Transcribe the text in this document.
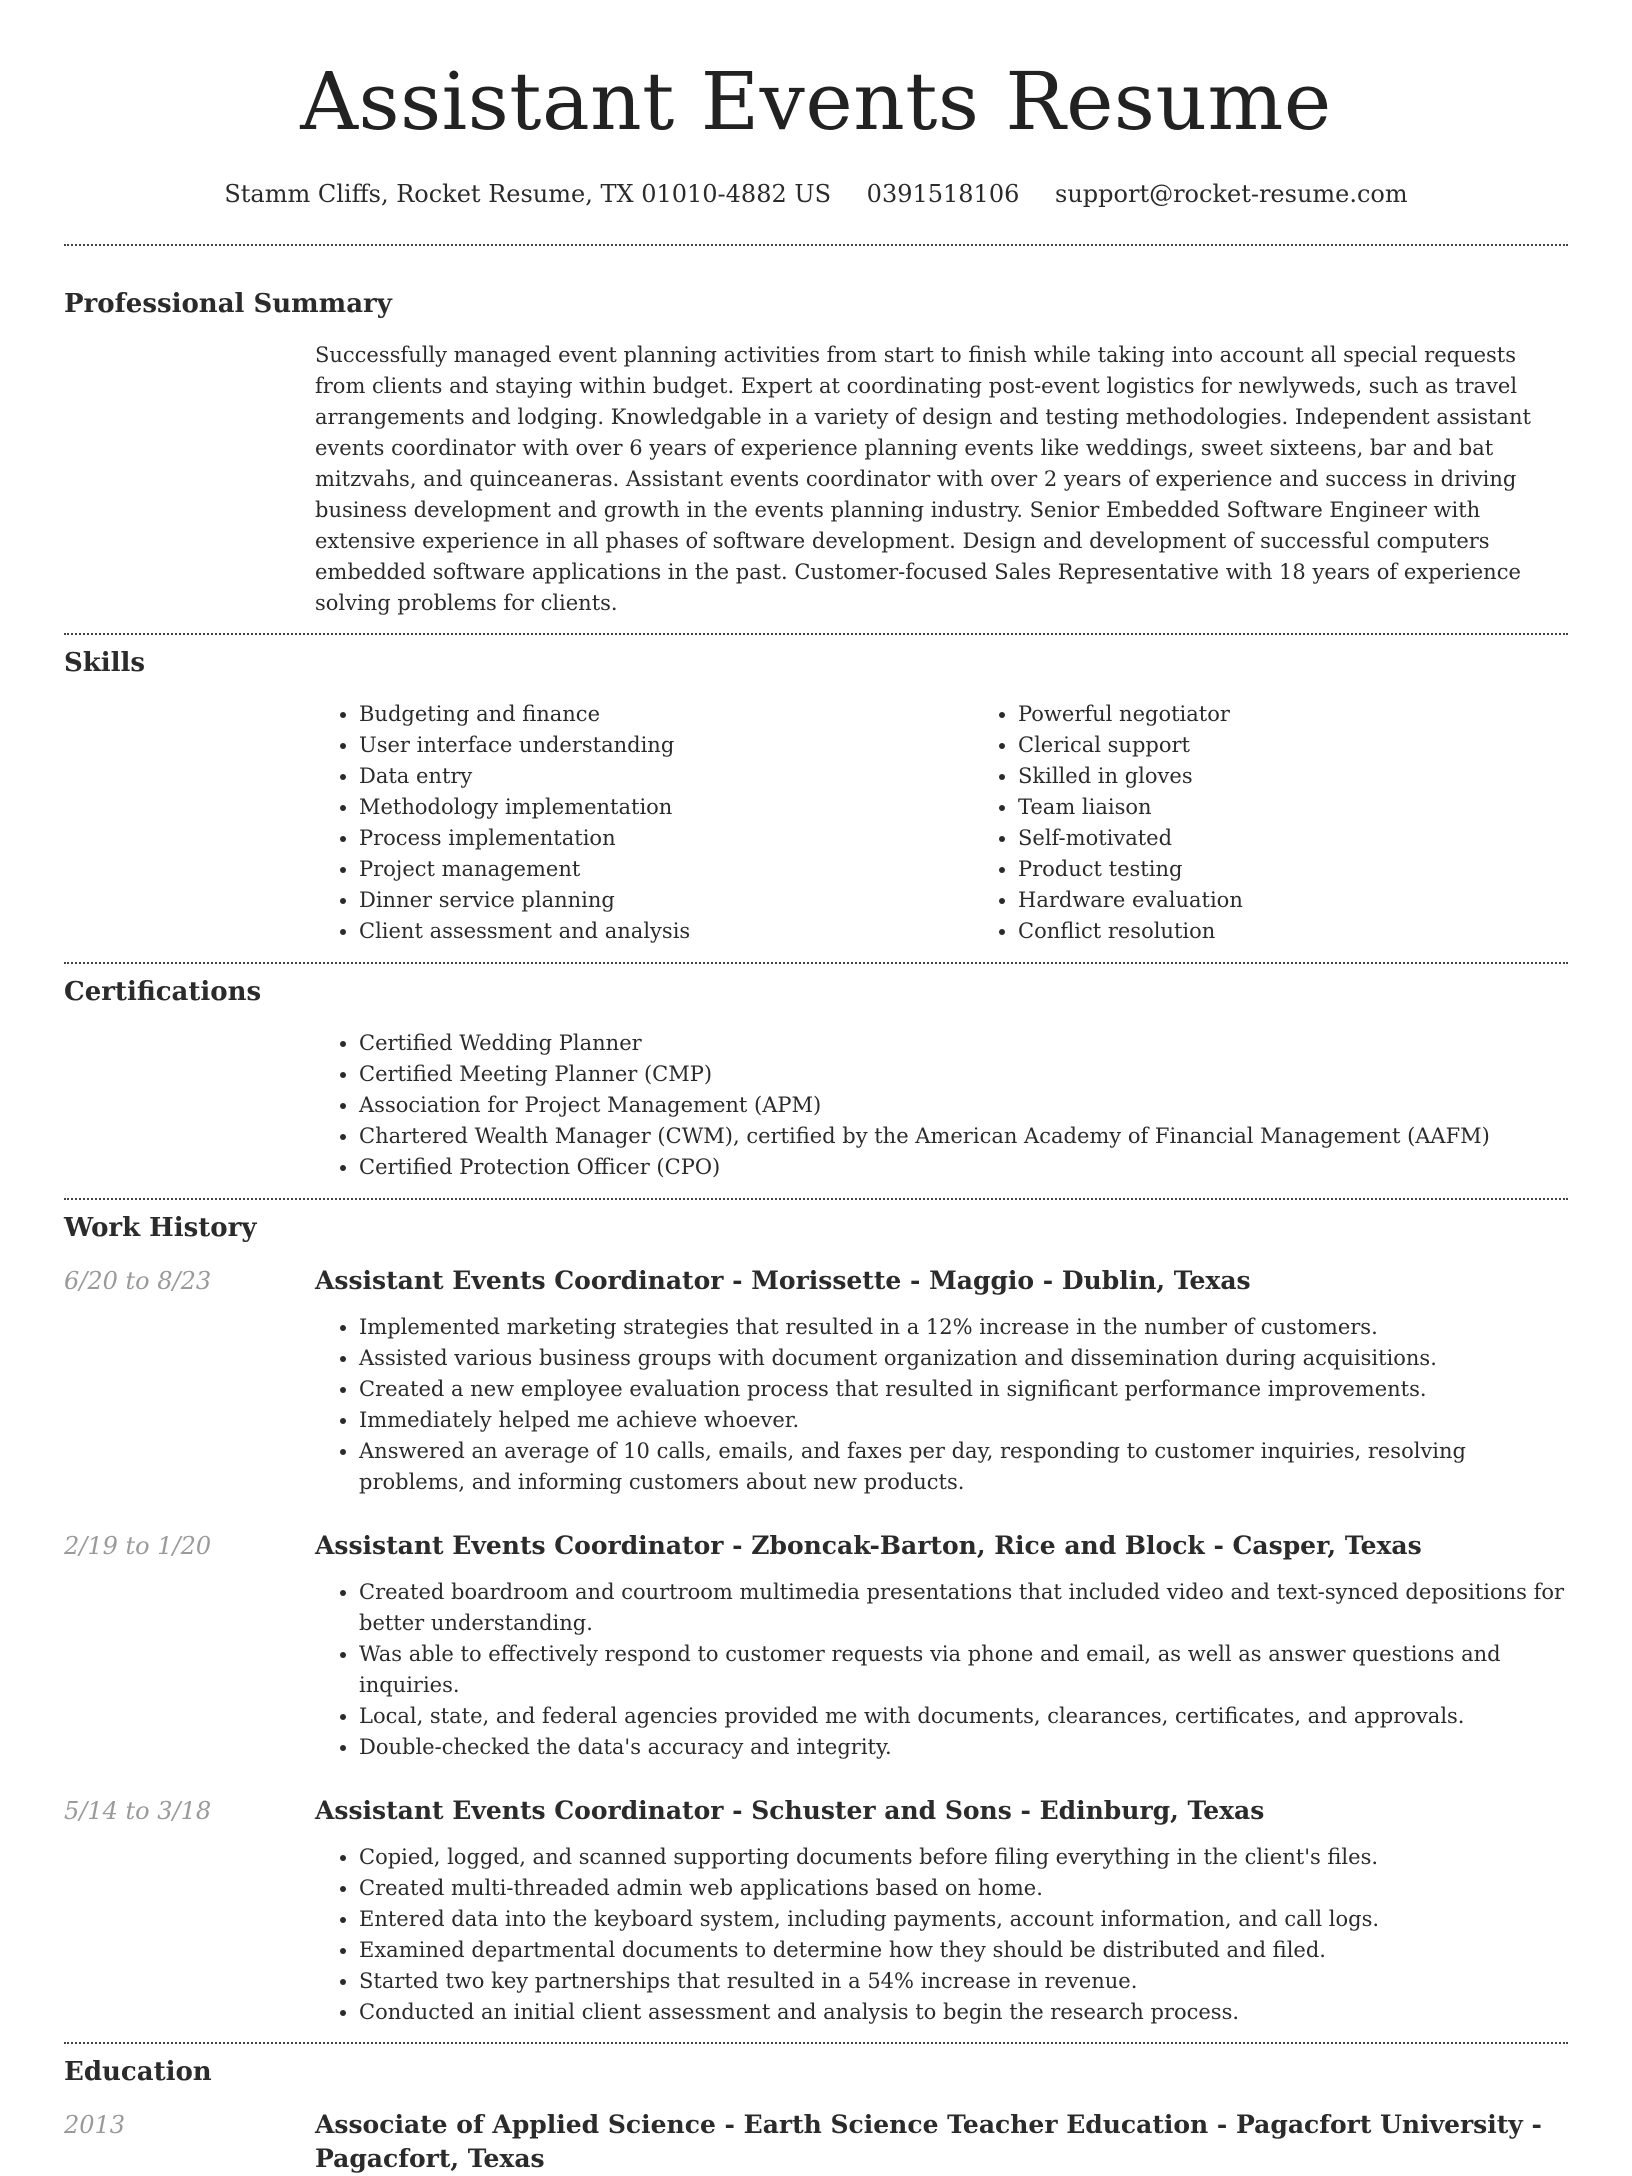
Assistant Events Resume
Stamm Cliffs, Rocket Resume, TX 01010-4882 US 0391518106 support@rocket-resume.com
Professional Summary

Successfully managed event planning activities from start to finish while taking into account all special requests from clients and staying within budget. Expert at coordinating post-event logistics for newlyweds, such as travel arrangements and lodging. Knowledgable in a variety of design and testing methodologies. Independent assistant events coordinator with over 6 years of experience planning events like weddings, sweet sixteens, bar and bat mitzvahs, and quinceaneras. Assistant events coordinator with over 2 years of experience and success in driving business development and growth in the events planning industry. Senior Embedded Software Engineer with extensive experience in all phases of software development. Design and development of successful computers embedded software applications in the past. Customer-focused Sales Representative with 18 years of experience solving problems for clients.

Skills
• Budgeting and finance
• User interface understanding
• Data entry
• Methodology implementation
• Process implementation
• Project management
• Dinner service planning
• Client assessment and analysis
• Powerful negotiator
• Clerical support
• Skilled in gloves
• Team liaison
• Self-motivated
• Product testing
• Hardware evaluation
• Conflict resolution
Certifications
• Certified Wedding Planner
• Certified Meeting Planner (CMP)
• Association for Project Management (APM)
• Chartered Wealth Manager (CWM), certified by the American Academy of Financial Management (AAFM)
• Certified Protection Officer (CPO)
Work History
6/20 to 8/23	Assistant Events Coordinator - Morissette - Maggio - Dublin, Texas
• Implemented marketing strategies that resulted in a 12% increase in the number of customers.
• Assisted various business groups with document organization and dissemination during acquisitions.
• Created a new employee evaluation process that resulted in significant performance improvements.
• Immediately helped me achieve whoever.
• Answered an average of 10 calls, emails, and faxes per day, responding to customer inquiries, resolving problems, and informing customers about new products.
2/19 to 1/20	Assistant Events Coordinator - Zboncak-Barton, Rice and Block - Casper, Texas
• Created boardroom and courtroom multimedia presentations that included video and text-synced depositions for better understanding.
• Was able to effectively respond to customer requests via phone and email, as well as answer questions and inquiries.
• Local, state, and federal agencies provided me with documents, clearances, certificates, and approvals.
• Double-checked the data's accuracy and integrity.
5/14 to 3/18	Assistant Events Coordinator - Schuster and Sons - Edinburg, Texas
• Copied, logged, and scanned supporting documents before filing everything in the client's files.
• Created multi-threaded admin web applications based on home.
• Entered data into the keyboard system, including payments, account information, and call logs.
• Examined departmental documents to determine how they should be distributed and filed.
• Started two key partnerships that resulted in a 54% increase in revenue.
• Conducted an initial client assessment and analysis to begin the research process.
Education
2013	Associate of Applied Science - Earth Science Teacher Education - Pagacfort University - Pagacfort, Texas
